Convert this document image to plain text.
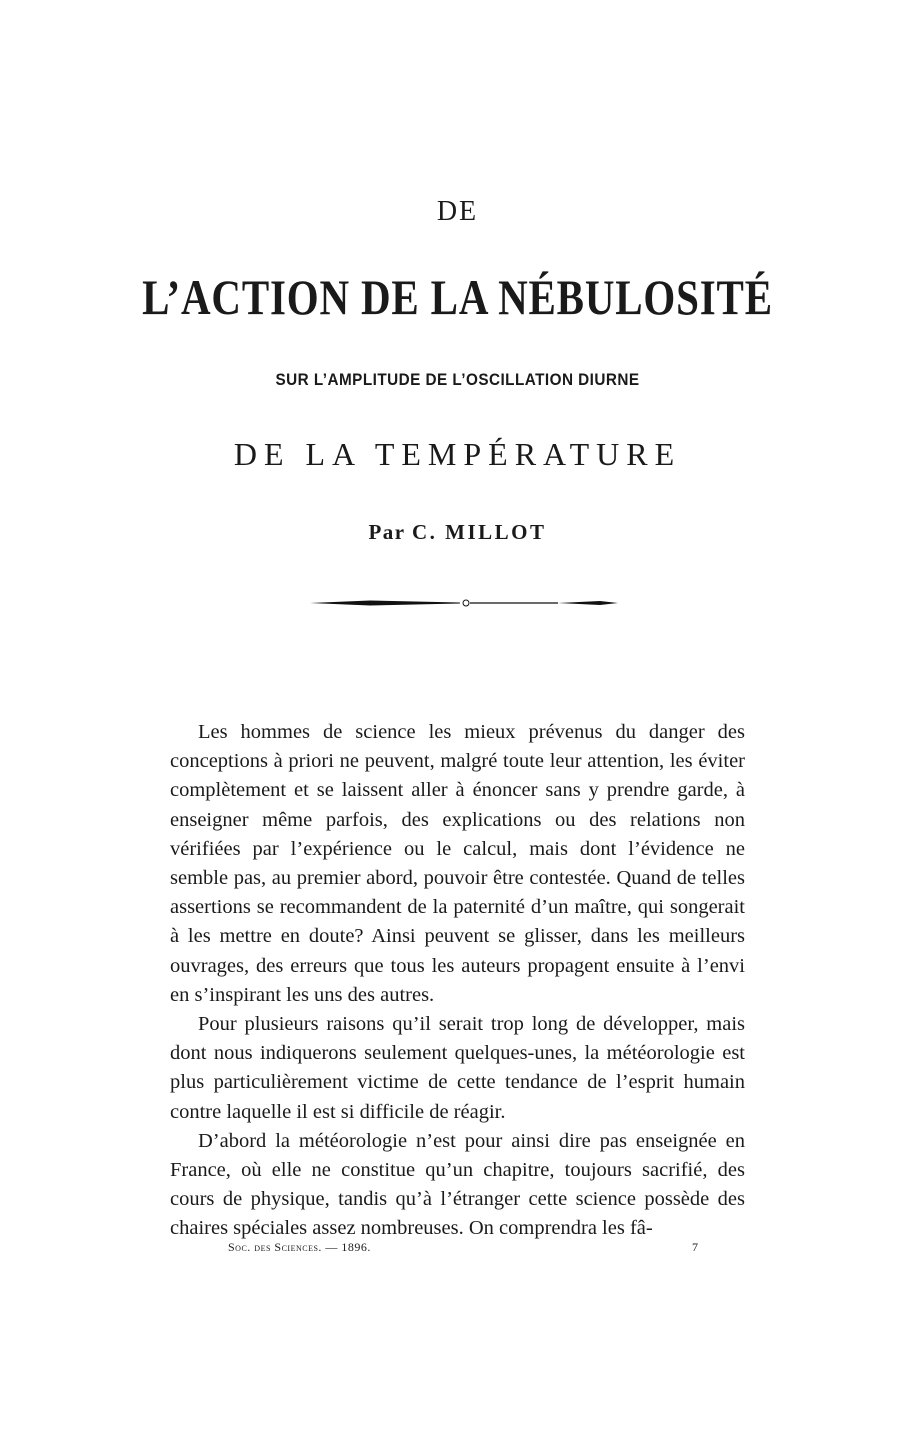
DE
L’ACTION DE LA NÉBULOSITÉ
SUR L’AMPLITUDE DE L’OSCILLATION DIURNE
DE LA TEMPÉRATURE
Par C. MILLOT

Les hommes de science les mieux prévenus du danger des conceptions à priori ne peuvent, malgré toute leur attention, les éviter complètement et se laissent aller à énoncer sans y prendre garde, à enseigner même parfois, des explications ou des relations non vérifiées par l’expérience ou le calcul, mais dont l’évidence ne semble pas, au premier abord, pouvoir être contestée. Quand de telles assertions se recommandent de la paternité d’un maître, qui songerait à les mettre en doute? Ainsi peuvent se glisser, dans les meilleurs ouvrages, des erreurs que tous les auteurs propagent ensuite à l’envi en s’inspirant les uns des autres.

Pour plusieurs raisons qu’il serait trop long de développer, mais dont nous indiquerons seulement quelques-unes, la météorologie est plus particulièrement victime de cette tendance de l’esprit humain contre laquelle il est si difficile de réagir.

D’abord la météorologie n’est pour ainsi dire pas enseignée en France, où elle ne constitue qu’un chapitre, toujours sacrifié, des cours de physique, tandis qu’à l’étranger cette science possède des chaires spéciales assez nombreuses. On comprendra les fâ-

Soc. des Sciences. — 1896.	7
